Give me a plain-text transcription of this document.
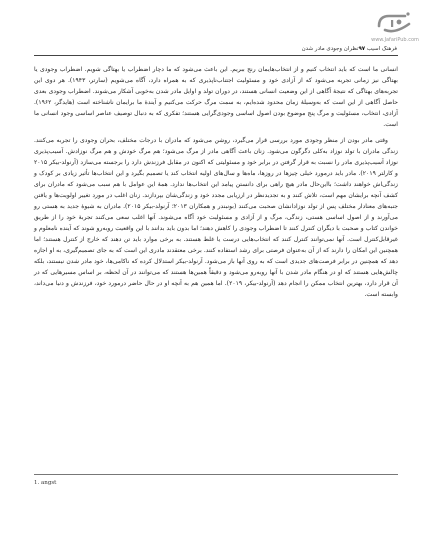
www.JafariPub.com
فرهنگ اسیب‌ ۹۷نظران وجودی مادر شدن

انسانی ما است که باید انتخاب کنیم و از انتخاب‌هایمان رنج ببریم. این باعث می‌شود که ما دچار اضطراب یا بهتاگی شویم. اضطراب وجودی یا بهتاگی نیز زمانی تجربه می‌شود که از آزادی خود و مسئولیت اجتناب‌ناپذیری که به همراه دارد، آگاه می‌شویم (سارتر، ۱۹۴۳). هر دوی این تجربه‌های بهتاگی که نتیجهٔ آگاهی از این وضعیت انسانی هستند، در دوران تولد و اوایل مادر شدن به‌خوبی آشکار می‌شوند. اضطراب وجودی بعدی حاصل آگاهی از این است که به‌وسیلهٔ زمان محدود شده‌ایم، به سمت مرگ حرکت می‌کنیم و آیندهٔ ما برایمان ناشناخته است (هایدگر، ۱۹۶۲). آزادی، انتخاب، مسئولیت و مرگ پنج موضوع بودن اصول اساسی وجودی‌گرایی هستند؛ تفکری که به دنبال توصیف عناصر اساسی وجود انسانی ما است.

وقتی مادر بودن از منظر وجودی مورد بررسی قرار می‌گیرد، روشن می‌شود که مادران با درجات مختلف، بحران وجودی را تجربه می‌کنند. زندگی مادران با تولد نوزاد به‌کلی دگرگون می‌شود. زنان باعث آگاهی مادر از مرگ می‌شود؛ هم مرگ خودش و هم مرگ نوزادش. آسیب‌پذیری نوزاد آسیب‌پذیری مادر را نسبت به قرار گرفتن در برابر خود و مسئولیتی که اکنون در مقابل فرزندش دارد را برجسته می‌سازد (آرنولد-بیکر ۲۰۱۵ و کارلتر ۲۰۱۹). مادر باید درمورد خیلی چیزها در روزها، ماه‌ها و سال‌های اولیه انتخاب کند یا تصمیم بگیرد و این انتخاب‌ها تأثیر زیادی بر کودک و زندگی‌اش خواهند داشت؛ بااین‌حال مادر هیچ راهی برای دانستن پیامد این انتخاب‌ها ندارد. همهٔ این عوامل با هم سبب می‌شود که مادران برای کشف آنچه برایشان مهم است، تلاش کنند و به تجدیدنظر در ارزیابی مجدد خود و زندگی‌شان بپردازند. زنان اغلب در مورد تغییر اولویت‌ها و یافتن جنبه‌های معنادار مختلف پس از تولد نوزادانشان صحبت می‌کنند (بونبندر و همکاران ۲۰۱۳؛ آرنولد-بیکر ۲۰۱۵). مادران به شیوهٔ جدید به هستی رو می‌آورند و از اصول اساسی هستی، زندگی، مرگ و از آزادی و مسئولیت خود آگاه می‌شوند. آنها اغلب سعی می‌کنند تجربهٔ خود را از طریق خواندن کتاب و صحبت با دیگران کنترل کنند تا اضطراب وجودی را کاهش دهند؛ اما بدون باید بدانند با این واقعیت روبه‌رو شوند که آینده نامعلوم و غیرقابل‌کنترل است. آنها نمی‌توانند کنترل کنند که انتخاب‌هایی درست یا غلط هستند. به برخی موارد باید تن دهند که خارج از کنترل هستند؛ اما همچنین این امکان را دارند که از آن به‌عنوان فرصتی برای رشد استفاده کنند. برخی معتقدند مادری این است که به جای تصمیم‌گیری، به او اجازه دهد که همچنین در برابر فرصت‌های جدیدی است که به روی آنها باز می‌شود. آرنولد-بیکر استدلال کرده که ناکامی‌ها، خود مادر شدن نیستند، بلکه چالش‌هایی هستند که او در هنگام مادر شدن با آنها روبه‌رو می‌شود و دقیقاً همین‌ها هستند که می‌توانند در آن لحظه، بر اساس مسیرهایی که در آن قرار دارد، بهترین انتخاب ممکن را انجام دهد (آرنولد-بیکر، ۲۰۱۹). اما همین هم به آنچه او در حال حاضر درمورد خود، فرزندش و دنیا می‌داند، وابسته است.

1. angst
